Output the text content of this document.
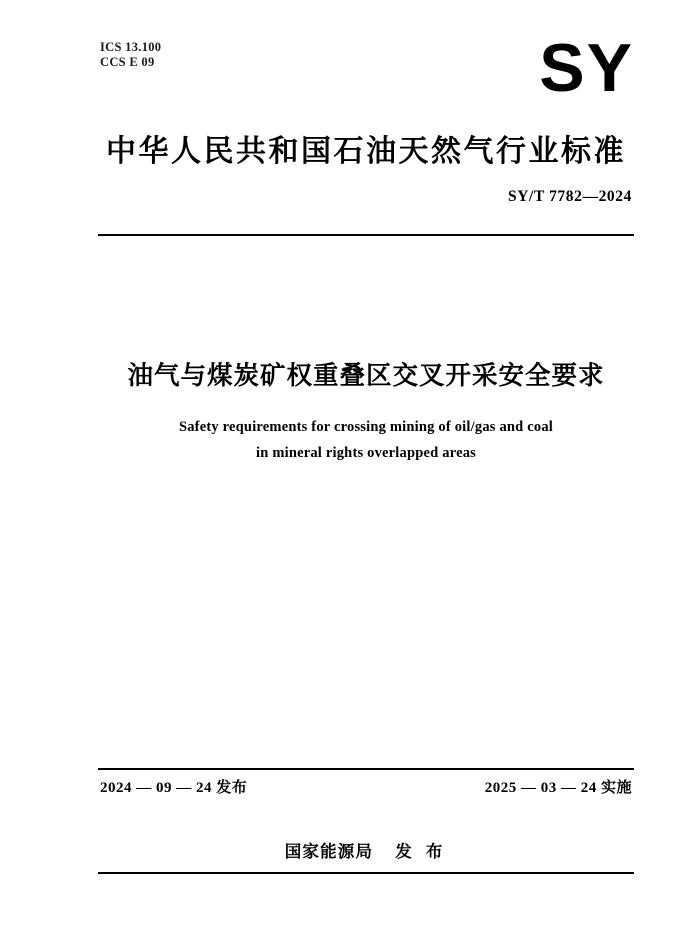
ICS 13.100
CCS E 09	SY
中华人民共和国石油天然气行业标准
SY/T 7782—2024
油气与煤炭矿权重叠区交叉开采安全要求
Safety requirements for crossing mining of oil/gas and coal
in mineral rights overlapped areas
2024 — 09 — 24 发布	2025 — 03 — 24 实施
国家能源局 发 布
